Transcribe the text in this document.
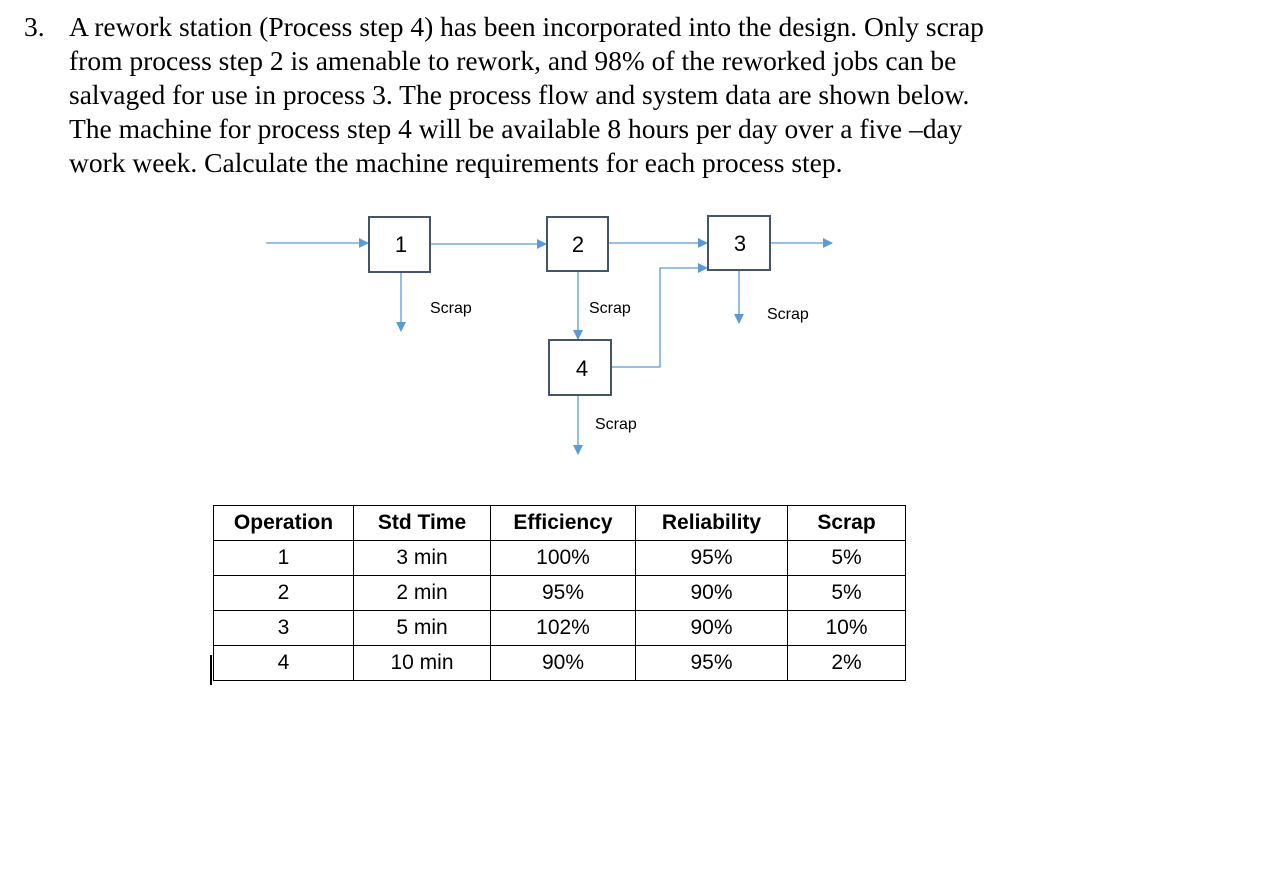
3. A rework station (Process step 4) has been incorporated into the design. Only scrap
from process step 2 is amenable to rework, and 98% of the reworked jobs can be
salvaged for use in process 3. The process flow and system data are shown below.
The machine for process step 4 will be available 8 hours per day over a five –day
work week. Calculate the machine requirements for each process step.
1	2	3
4
Scrap	Scrap	Scrap
Scrap
Operation	Std Time	Efficiency	Reliability	Scrap
1	3 min	100%	95%	5%
2	2 min	95%	90%	5%
3	5 min	102%	90%	10%
4	10 min	90%	95%	2%
